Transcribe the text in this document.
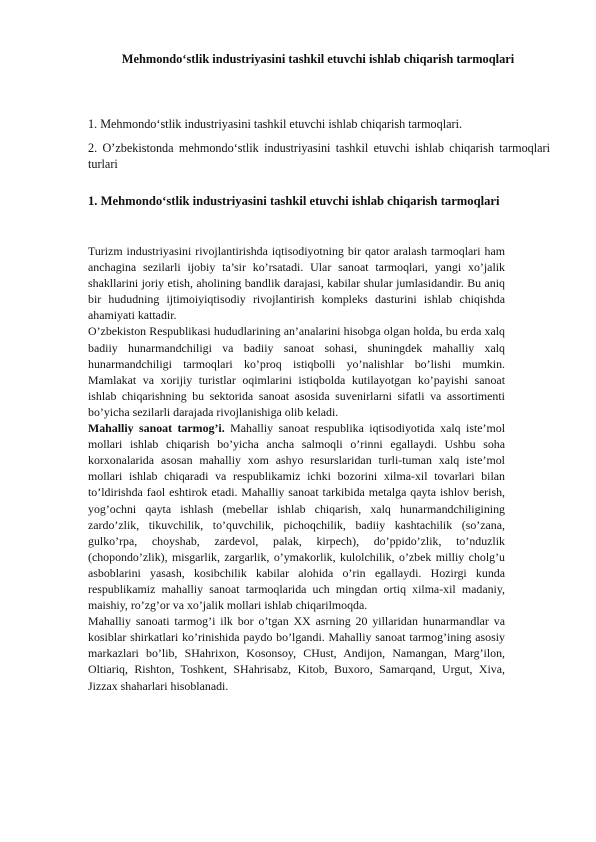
Mehmondo‘stlik industriyasini tashkil etuvchi ishlab chiqarish tarmoqlari
1. Mehmondo‘stlik industriyasini tashkil etuvchi ishlab chiqarish tarmoqlari.
2. O’zbekistonda mehmondo‘stlik industriyasini tashkil etuvchi ishlab chiqarish tarmoqlari turlari
1. Mehmondo‘stlik industriyasini tashkil etuvchi ishlab chiqarish tarmoqlari

Turizm industriyasini rivojlantirishda iqtisodiyotning bir qator aralash tarmoqlari ham anchagina sezilarli ijobiy ta’sir ko’rsatadi. Ular sanoat tarmoqlari, yangi xo’jalik shakllarini joriy etish, aholining bandlik darajasi, kabilar shular jumlasidandir. Bu aniq bir hududning ijtimoiyiqtisodiy rivojlantirish kompleks dasturini ishlab chiqishda ahamiyati kattadir.

O’zbekiston Respublikasi hududlarining an’analarini hisobga olgan holda, bu erda xalq badiiy hunarmandchiligi va badiiy sanoat sohasi, shuningdek mahalliy xalq hunarmandchiligi tarmoqlari ko’proq istiqbolli yo’nalishlar bo’lishi mumkin. Mamlakat va xorijiy turistlar oqimlarini istiqbolda kutilayotgan ko’payishi sanoat ishlab chiqarishning bu sektorida sanoat asosida suvenirlarni sifatli va assortimenti bo’yicha sezilarli darajada rivojlanishiga olib keladi.

Mahalliy sanoat tarmog’i. Mahalliy sanoat respublika iqtisodiyotida xalq iste’mol mollari ishlab chiqarish bo’yicha ancha salmoqli o’rinni egallaydi. Ushbu soha korxonalarida asosan mahalliy xom ashyo resurslaridan turli-tuman xalq iste’mol mollari ishlab chiqaradi va respublikamiz ichki bozorini xilma-xil tovarlari bilan to’ldirishda faol eshtirok etadi. Mahalliy sanoat tarkibida metalga qayta ishlov berish, yog’ochni qayta ishlash (mebellar ishlab chiqarish, xalq hunarmandchiligining zardo’zlik, tikuvchilik, to’quvchilik, pichoqchilik, badiiy kashtachilik (so’zana, gulko’rpa, choyshab, zardevol, palak, kirpech), do’ppido’zlik, to’nduzlik (chopondo’zlik), misgarlik, zargarlik, o’ymakorlik, kulolchilik, o’zbek milliy cholg’u asboblarini yasash, kosibchilik kabilar alohida o’rin egallaydi. Hozirgi kunda respublikamiz mahalliy sanoat tarmoqlarida uch mingdan ortiq xilma-xil madaniy, maishiy, ro’zg’or va xo’jalik mollari ishlab chiqarilmoqda.

Mahalliy sanoati tarmog’i ilk bor o’tgan XX asrning 20 yillaridan hunarmandlar va kosiblar shirkatlari ko’rinishida paydo bo’lgandi. Mahalliy sanoat tarmog’ining asosiy markazlari bo’lib, SHahrixon, Kosonsoy, CHust, Andijon, Namangan, Marg’ilon, Oltiariq, Rishton, Toshkent, SHahrisabz, Kitob, Buxoro, Samarqand, Urgut, Xiva, Jizzax shaharlari hisoblanadi.
